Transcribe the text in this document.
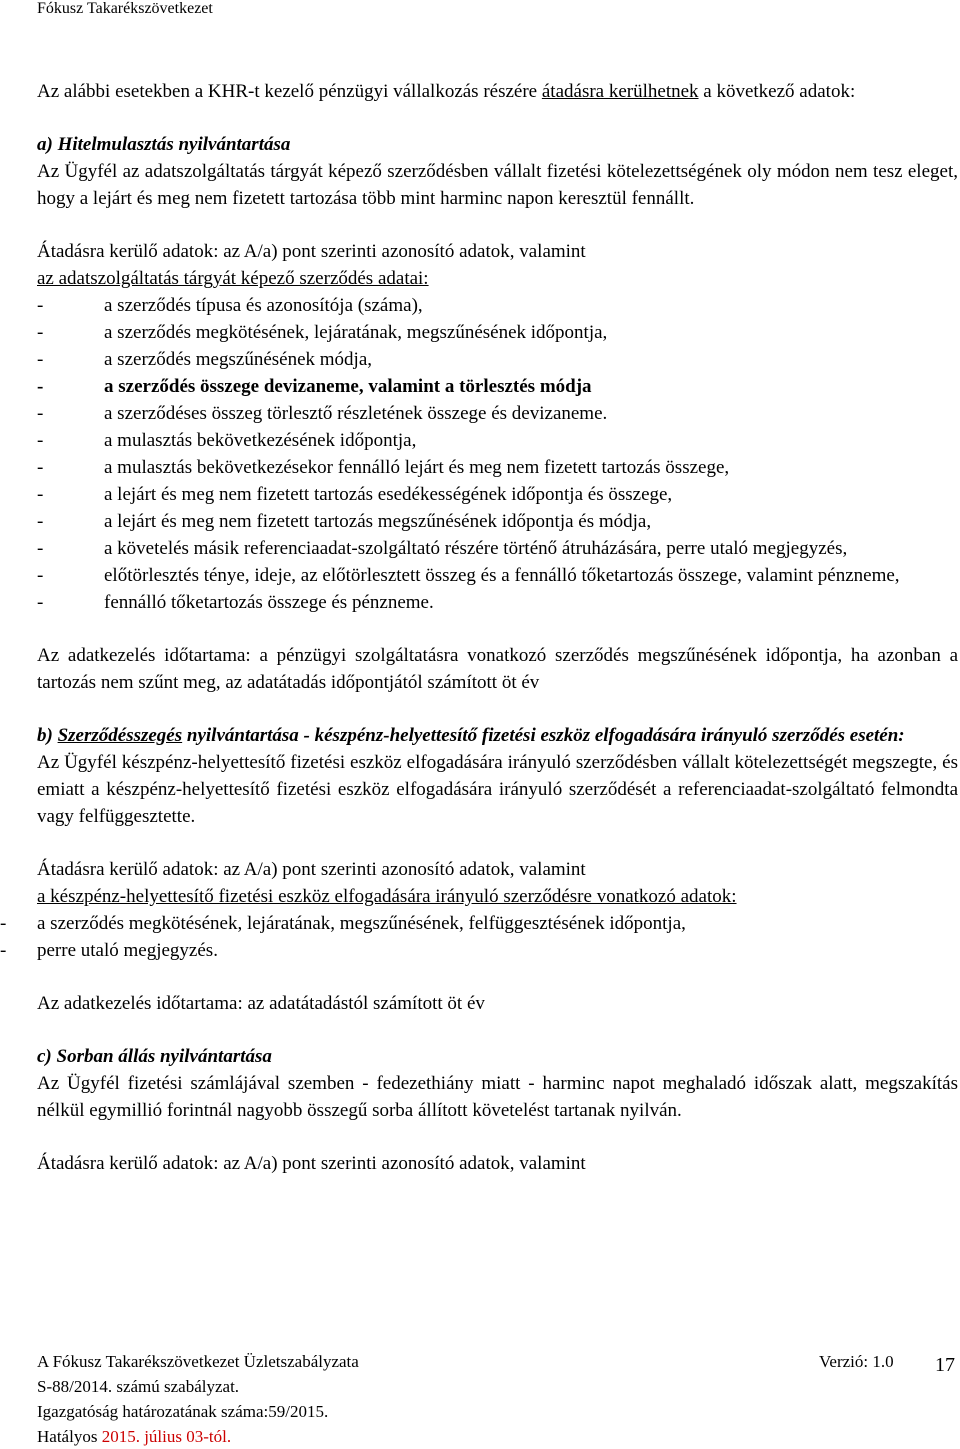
Fókusz Takarékszövetkezet

Az alábbi esetekben a KHR-t kezelő pénzügyi vállalkozás részére átadásra kerülhetnek a következő adatok:

a) Hitelmulasztás nyilvántartása

Az Ügyfél az adatszolgáltatás tárgyát képező szerződésben vállalt fizetési kötelezettségének oly módon nem tesz eleget, hogy a lejárt és meg nem fizetett tartozása több mint harminc napon keresztül fennállt.

Átadásra kerülő adatok: az A/a) pont szerinti azonosító adatok, valamint

az adatszolgáltatás tárgyát képező szerződés adatai:

- a szerződés típusa és azonosítója (száma),
- a szerződés megkötésének, lejáratának, megszűnésének időpontja,
- a szerződés megszűnésének módja,
- a szerződés összege devizaneme, valamint a törlesztés módja
- a szerződéses összeg törlesztő részletének összege és devizaneme.
- a mulasztás bekövetkezésének időpontja,
- a mulasztás bekövetkezésekor fennálló lejárt és meg nem fizetett tartozás összege,
- a lejárt és meg nem fizetett tartozás esedékességének időpontja és összege,
- a lejárt és meg nem fizetett tartozás megszűnésének időpontja és módja,
- a követelés másik referenciaadat-szolgáltató részére történő átruházására, perre utaló megjegyzés,
- előtörlesztés ténye, ideje, az előtörlesztett összeg és a fennálló tőketartozás összege, valamint pénzneme,
- fennálló tőketartozás összege és pénzneme.

Az adatkezelés időtartama: a pénzügyi szolgáltatásra vonatkozó szerződés megszűnésének időpontja, ha azonban a tartozás nem szűnt meg, az adatátadás időpontjától számított öt év

b) Szerződésszegés nyilvántartása - készpénz-helyettesítő fizetési eszköz elfogadására irányuló szerződés esetén:

Az Ügyfél készpénz-helyettesítő fizetési eszköz elfogadására irányuló szerződésben vállalt kötelezettségét megszegte, és emiatt a készpénz-helyettesítő fizetési eszköz elfogadására irányuló szerződését a referenciaadat-szolgáltató felmondta vagy felfüggesztette.

Átadásra kerülő adatok: az A/a) pont szerinti azonosító adatok, valamint

a készpénz-helyettesítő fizetési eszköz elfogadására irányuló szerződésre vonatkozó adatok:

- a szerződés megkötésének, lejáratának, megszűnésének, felfüggesztésének időpontja,
- perre utaló megjegyzés.

Az adatkezelés időtartama: az adatátadástól számított öt év

c) Sorban állás nyilvántartása

Az Ügyfél fizetési számlájával szemben - fedezethiány miatt - harminc napot meghaladó időszak alatt, megszakítás nélkül egymillió forintnál nagyobb összegű sorba állított követelést tartanak nyilván.

Átadásra kerülő adatok: az A/a) pont szerinti azonosító adatok, valamint

A Fókusz Takarékszövetkezet Üzletszabályzata	Verzió: 1.0 17
S-88/2014. számú szabályzat.
Igazgatóság határozatának száma:59/2015.
Hatályos 2015. július 03-tól.
